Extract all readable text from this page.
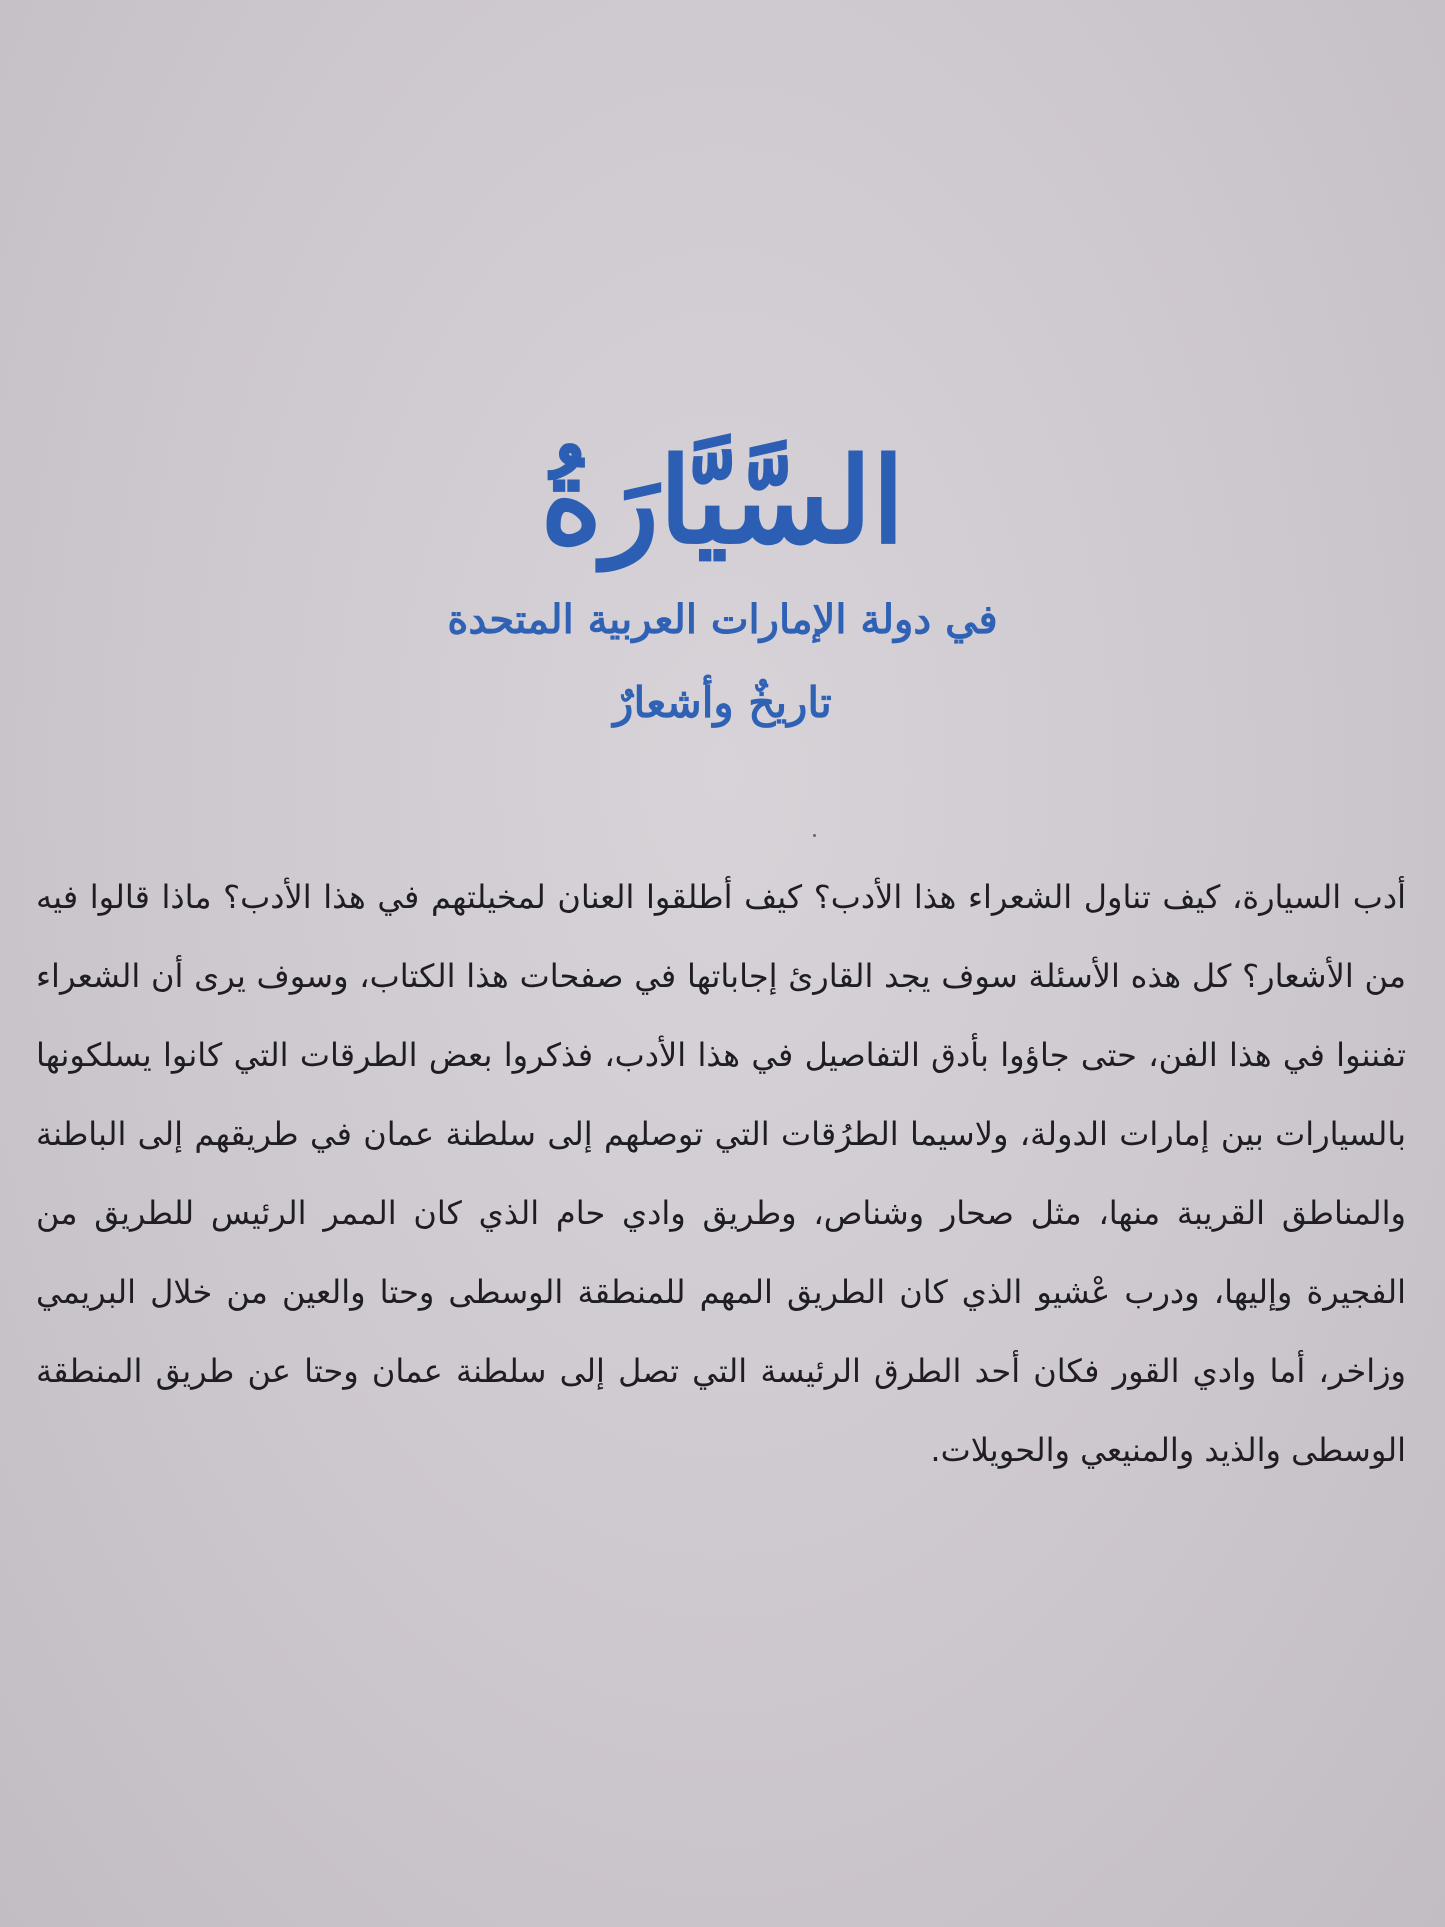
السَّيَّارَةُ
في دولة الإمارات العربية المتحدة
تاريخٌ وأشعارٌ

أدب السيارة، كيف تناول الشعراء هذا الأدب؟ كيف أطلقوا العنان لمخيلتهم في هذا الأدب؟ ماذا قالوا فيه من الأشعار؟ كل هذه الأسئلة سوف يجد القارئ إجاباتها في صفحات هذا الكتاب، وسوف يرى أن الشعراء تفننوا في هذا الفن، حتى جاؤوا بأدق التفاصيل في هذا الأدب، فذكروا بعض الطرقات التي كانوا يسلكونها بالسيارات بين إمارات الدولة، ولاسيما الطرُقات التي توصلهم إلى سلطنة عمان في طريقهم إلى الباطنة والمناطق القريبة منها، مثل صحار وشناص، وطريق وادي حام الذي كان الممر الرئيس للطريق من الفجيرة وإليها، ودرب عْشيو الذي كان الطريق المهم للمنطقة الوسطى وحتا والعين من خلال البريمي وزاخر، أما وادي القور فكان أحد الطرق الرئيسة التي تصل إلى سلطنة عمان وحتا عن طريق المنطقة الوسطى والذيد والمنيعي والحويلات.
